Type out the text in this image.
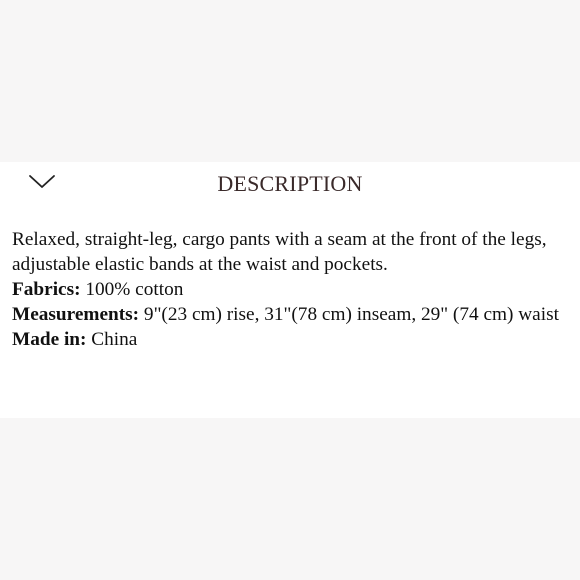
DESCRIPTION

Relaxed, straight-leg, cargo pants with a seam at the front of the legs, adjustable elastic bands at the waist and pockets.

Fabrics: 100% cotton

Measurements: 9"(23 cm) rise, 31"(78 cm) inseam, 29" (74 cm) waist

Made in: China
